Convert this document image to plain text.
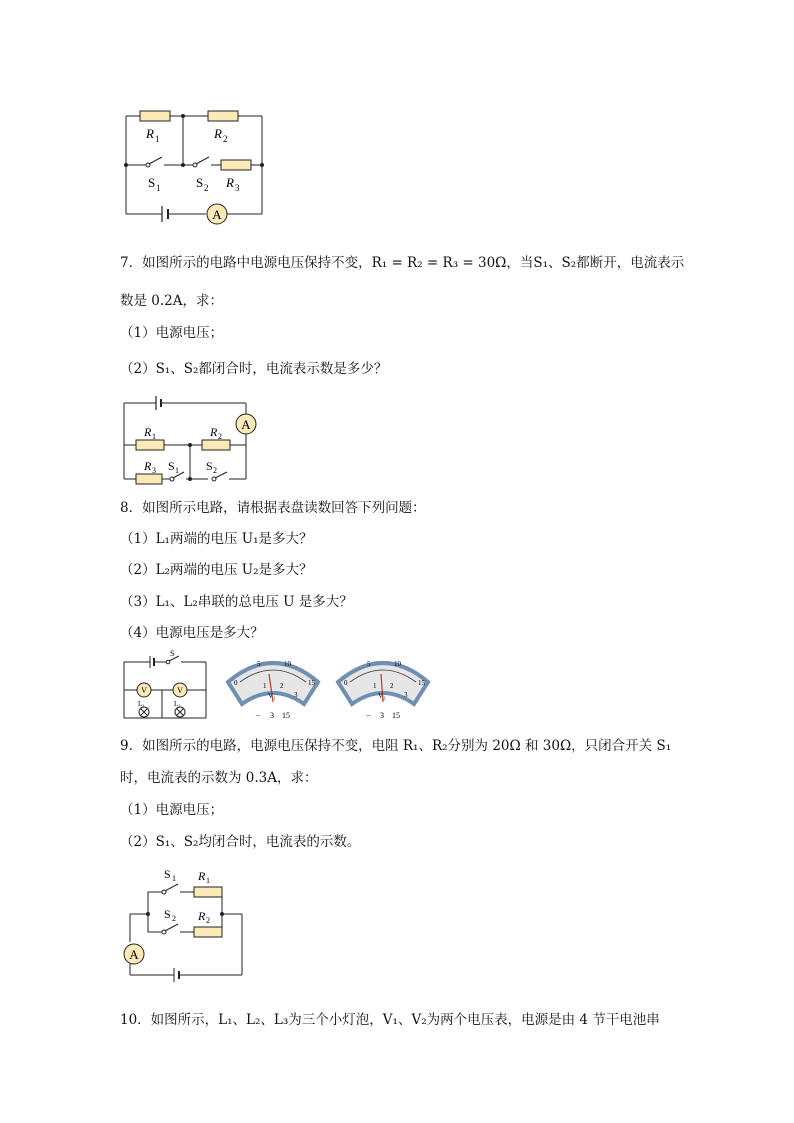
A
R 1	R 2
S 1	S 2 R 3
7．如图所示的电路中电源电压保持不变，R₁ = R₂ = R₃ = 30Ω，当S₁、S₂都断开，电流表示
数是 0.2A，求：
（1）电源电压；
（2）S₁、S₂都闭合时，电流表示数是多少？
A
R 1	R 2
R 3 S 1 S 2
8．如图所示电路，请根据表盘读数回答下列问题：
（1）L₁两端的电压 U₁是多大？
（2）L₂两端的电压 U₂是多大？
（3）L₁、L₂串联的总电压 U 是多大？
（4）电源电压是多大？
S
V	V
L₁	L₂
0
5	10
15
1 2
3
V₁
− 3 15
0
5	10
15
1 2
3
V₂
− 3 15
9．如图所示的电路，电源电压保持不变，电阻 R₁、R₂分别为 20Ω 和 30Ω，只闭合开关 S₁
时，电流表的示数为 0.3A，求：
（1）电源电压；
（2）S₁、S₂均闭合时，电流表的示数。
A
S 1 R 1
S 2 R 2
10．如图所示，L₁、L₂、L₃为三个小灯泡，V₁、V₂为两个电压表，电源是由 4 节干电池串
